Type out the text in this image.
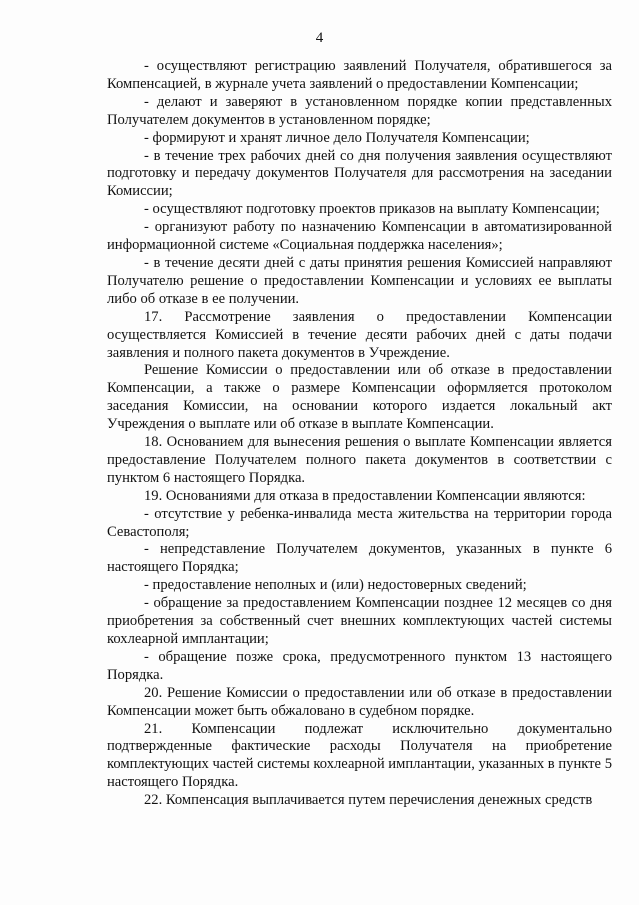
4

- осуществляют регистрацию заявлений Получателя, обратившегося за Компенсацией, в журнале учета заявлений о предоставлении Компенсации;

- делают и заверяют в установленном порядке копии представленных Получателем документов в установленном порядке;

- формируют и хранят личное дело Получателя Компенсации;

- в течение трех рабочих дней со дня получения заявления осуществляют подготовку и передачу документов Получателя для рассмотрения на заседании Комиссии;

- осуществляют подготовку проектов приказов на выплату Компенсации;

- организуют работу по назначению Компенсации в автоматизированной информационной системе «Социальная поддержка населения»;

- в течение десяти дней с даты принятия решения Комиссией направляют Получателю решение о предоставлении Компенсации и условиях ее выплаты либо об отказе в ее получении.

17. Рассмотрение заявления о предоставлении Компенсации осуществляется Комиссией в течение десяти рабочих дней с даты подачи заявления и полного пакета документов в Учреждение.

Решение Комиссии о предоставлении или об отказе в предоставлении Компенсации, а также о размере Компенсации оформляется протоколом заседания Комиссии, на основании которого издается локальный акт Учреждения о выплате или об отказе в выплате Компенсации.

18. Основанием для вынесения решения о выплате Компенсации является предоставление Получателем полного пакета документов в соответствии с пунктом 6 настоящего Порядка.

19. Основаниями для отказа в предоставлении Компенсации являются:

- отсутствие у ребенка-инвалида места жительства на территории города Севастополя;

- непредставление Получателем документов, указанных в пункте 6 настоящего Порядка;

- предоставление неполных и (или) недостоверных сведений;

- обращение за предоставлением Компенсации позднее 12 месяцев со дня приобретения за собственный счет внешних комплектующих частей системы кохлеарной имплантации;

- обращение позже срока, предусмотренного пунктом 13 настоящего Порядка.

20. Решение Комиссии о предоставлении или об отказе в предоставлении Компенсации может быть обжаловано в судебном порядке.

21. Компенсации подлежат исключительно документально подтвержденные фактические расходы Получателя на приобретение комплектующих частей системы кохлеарной имплантации, указанных в пункте 5 настоящего Порядка.

22. Компенсация выплачивается путем перечисления денежных средств
